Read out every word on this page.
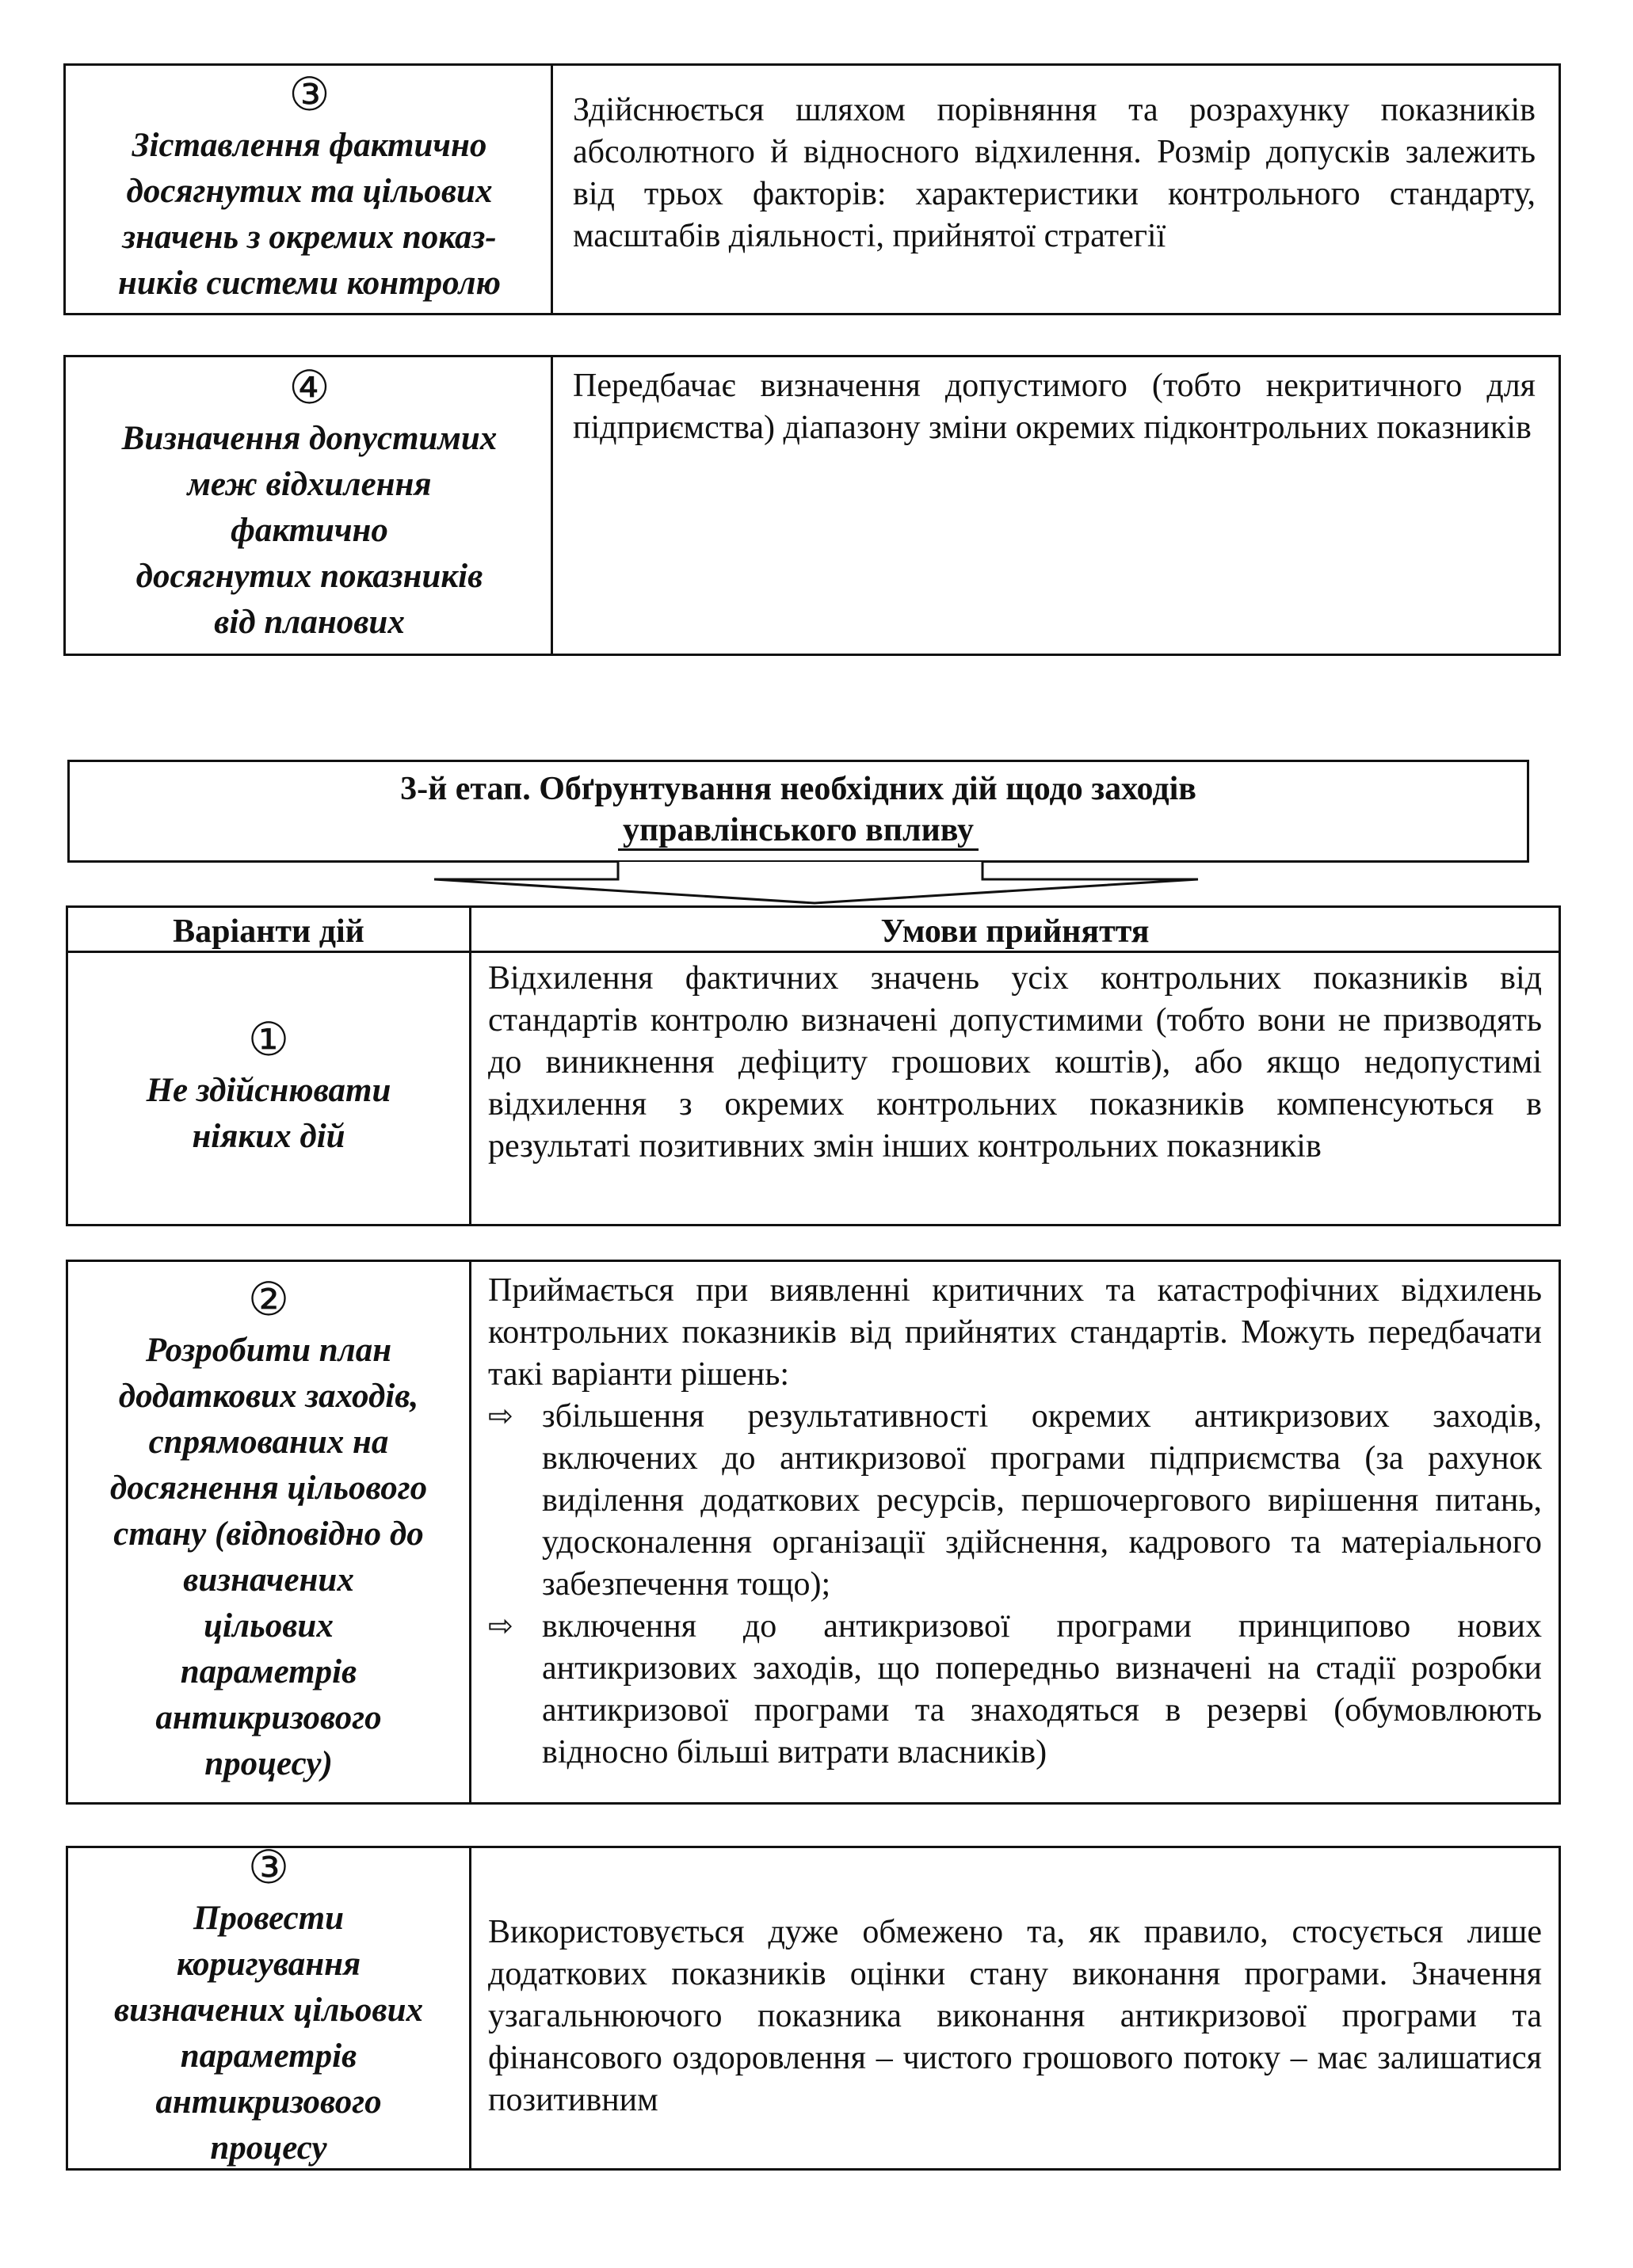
③

Зіставлення фактично

досягнутих та цільових

значень з окремих показ-

ників системи контролю

Здійснюється шляхом порівняння та розрахунку показників абсолютного й відносного відхилення. Розмір допусків залежить від трьох факторів: характеристики контрольного стандарту, масштабів діяльності, прийнятої стратегії

④

Визначення допустимих

меж відхилення

фактично

досягнутих показників

від планових

Передбачає визначення допустимого (тобто некритичного для підприємства) діапазону зміни окремих підконтрольних показників

3-й етап. Обґрунтування необхідних дій щодо заходів
управлінського впливу
Варіанти дій	Умови прийняття
①

Не здійснювати

ніяких дій

Відхилення фактичних значень усіх контрольних показників від стандартів контролю визначені допустимими (тобто вони не призводять до виникнення дефіциту грошових коштів), або якщо недопустимі відхилення з окремих контрольних показників компенсуються в результаті позитивних змін інших контрольних показників

②

Розробити план

додаткових заходів,

спрямованих на

досягнення цільового

стану (відповідно до

визначених

цільових

параметрів

антикризового

процесу)

Приймається при виявленні критичних та катастрофічних відхилень контрольних показників від прийнятих стандартів. Можуть передбачати такі варіанти рішень:

⇨ збільшення результативності окремих антикризових заходів, включених до антикризової програми підприємства (за рахунок виділення додаткових ресурсів, першочергового вирішення питань, удосконалення організації здійснення, кадрового та матеріального забезпечення тощо);
⇨ включення до антикризової програми принципово нових антикризових заходів, що попередньо визначені на стадії розробки антикризової програми та знаходяться в резерві (обумовлюють відносно більші витрати власників)
③

Провести

коригування

визначених цільових

параметрів

антикризового

процесу

Використовується дуже обмежено та, як правило, стосується лише додаткових показників оцінки стану виконання програми. Значення узагальнюючого показника виконання антикризової програми та фінансового оздоровлення – чистого грошового потоку – має залишатися позитивним
